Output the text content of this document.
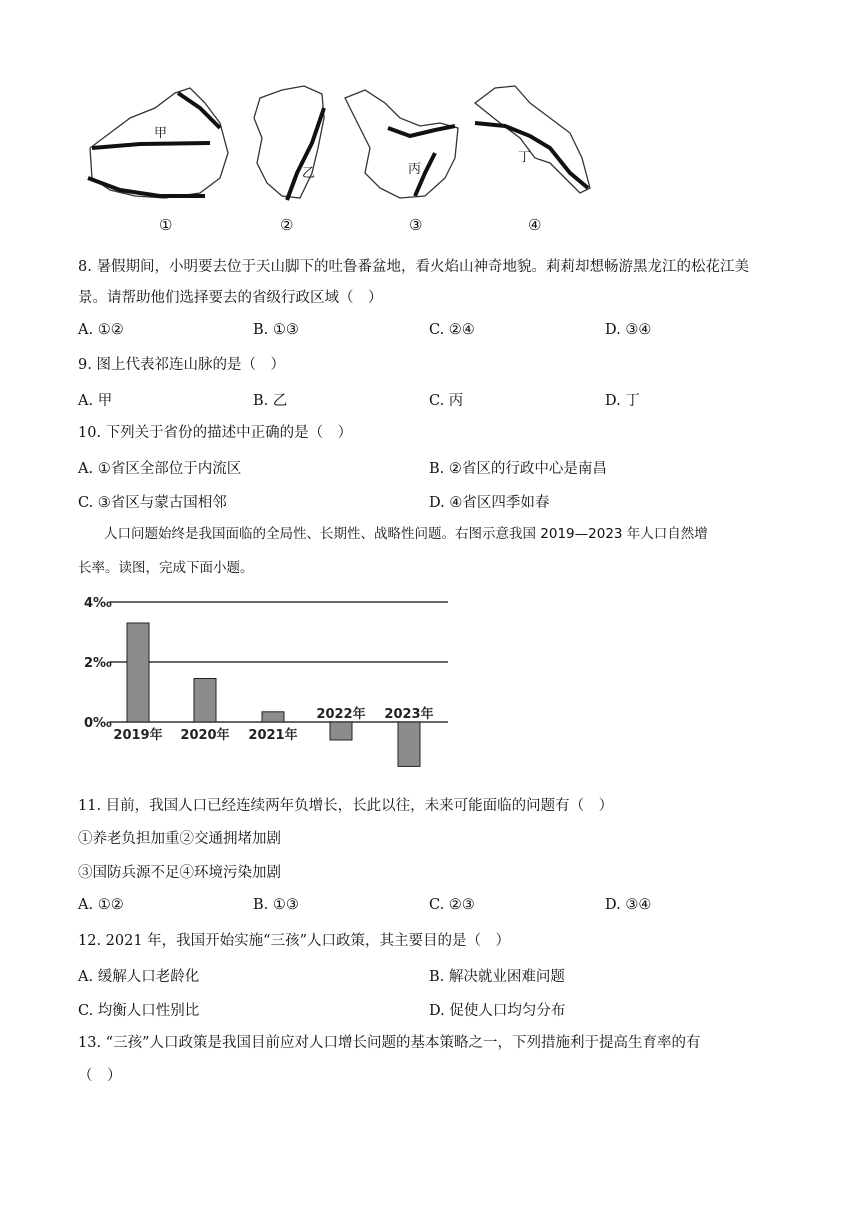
甲
乙	丙
丁
①	②	③	④
8. 暑假期间，小明要去位于天山脚下的吐鲁番盆地，看火焰山神奇地貌。莉莉却想畅游黑龙江的松花江美
景。请帮助他们选择要去的省级行政区域（　）
A. ①②	B. ①③	C. ②④	D. ③④
9. 图上代表祁连山脉的是（　）
A. 甲	B. 乙	C. 丙	D. 丁
10. 下列关于省份的描述中正确的是（　）
A. ①省区全部位于内流区	B. ②省区的行政中心是南昌
C. ③省区与蒙古国相邻	D. ④省区四季如春
人口问题始终是我国面临的全局性、长期性、战略性问题。右图示意我国 2019—2023 年人口自然增
长率。读图，完成下面小题。
4‰
2‰
0‰
2019年 2020年 2021年
2022年 2023年
11. 目前，我国人口已经连续两年负增长，长此以往，未来可能面临的问题有（　）
①养老负担加重②交通拥堵加剧
③国防兵源不足④环境污染加剧
A. ①②	B. ①③	C. ②③	D. ③④
12. 2021 年，我国开始实施“三孩”人口政策，其主要目的是（　）
A. 缓解人口老龄化	B. 解决就业困难问题
C. 均衡人口性别比	D. 促使人口均匀分布
13. “三孩”人口政策是我国目前应对人口增长问题的基本策略之一，下列措施利于提高生育率的有
（　）
